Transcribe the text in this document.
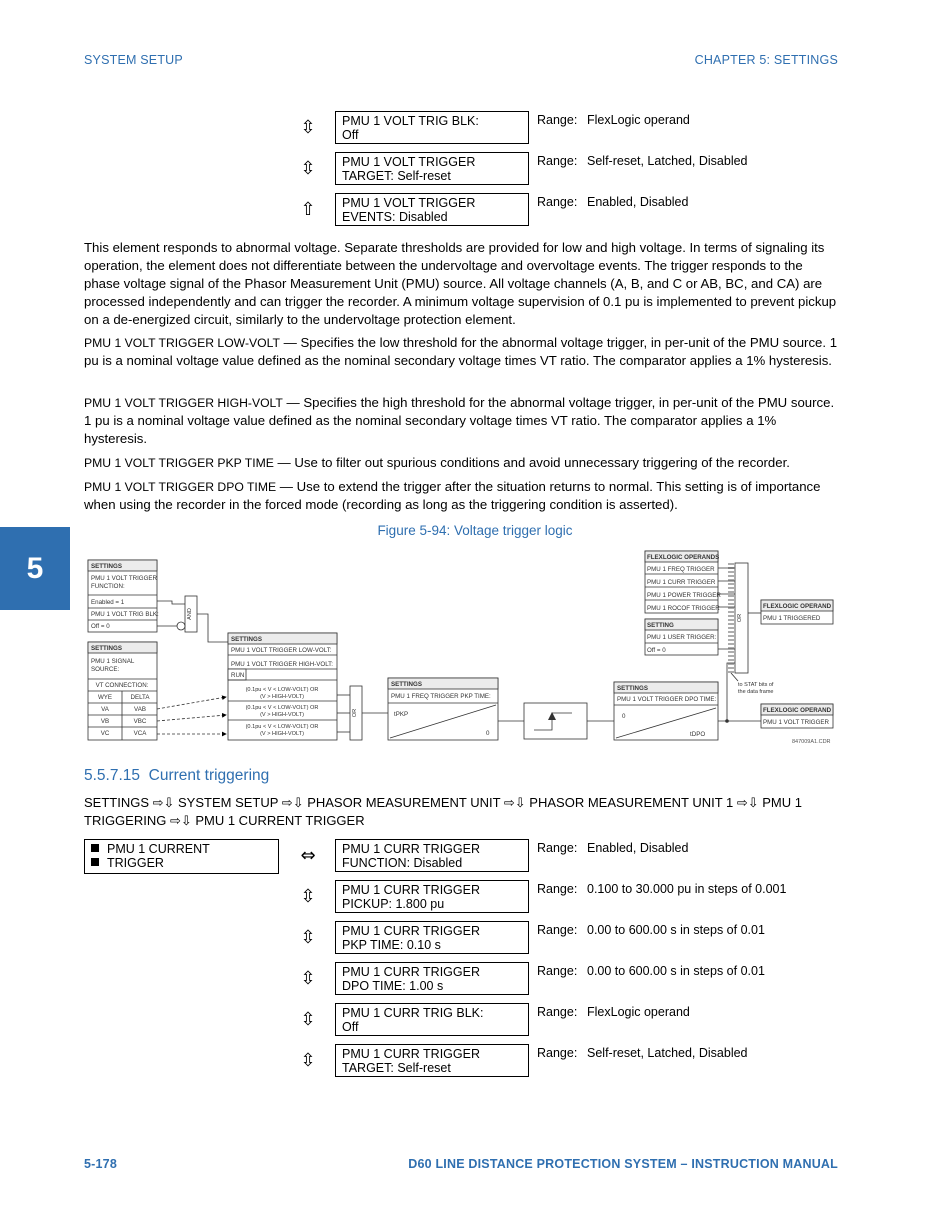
SYSTEM SETUP	CHAPTER 5: SETTINGS
⇳ PMU 1 VOLT TRIG BLK:
Off
Range: FlexLogic operand
⇳ PMU 1 VOLT TRIGGER
TARGET: Self-reset
Range: Self-reset, Latched, Disabled
⇧ PMU 1 VOLT TRIGGER
EVENTS: Disabled
Range: Enabled, Disabled
This element responds to abnormal voltage. Separate thresholds are provided for low and high voltage. In terms of signaling its operation, the element does not differentiate between the undervoltage and overvoltage events. The trigger responds to the phase voltage signal of the Phasor Measurement Unit (PMU) source. All voltage channels (A, B, and C or AB, BC, and CA) are processed independently and can trigger the recorder. A minimum voltage supervision of 0.1 pu is implemented to prevent pickup on a de-energized circuit, similarly to the undervoltage protection element.
PMU 1 VOLT TRIGGER LOW-VOLT — Specifies the low threshold for the abnormal voltage trigger, in per-unit of the PMU source. 1 pu is a nominal voltage value defined as the nominal secondary voltage times VT ratio. The comparator applies a 1% hysteresis.
PMU 1 VOLT TRIGGER HIGH-VOLT — Specifies the high threshold for the abnormal voltage trigger, in per-unit of the PMU source. 1 pu is a nominal voltage value defined as the nominal secondary voltage times VT ratio. The comparator applies a 1% hysteresis.
PMU 1 VOLT TRIGGER PKP TIME — Use to filter out spurious conditions and avoid unnecessary triggering of the recorder.
PMU 1 VOLT TRIGGER DPO TIME — Use to extend the trigger after the situation returns to normal. This setting is of importance when using the recorder in the forced mode (recording as long as the triggering condition is asserted).
5
Figure 5-94: Voltage trigger logic
SETTINGS
PMU 1 VOLT TRIGGER
FUNCTION:
Enabled = 1
PMU 1 VOLT TRIG BLK:
Off = 0
AND
SETTINGS
PMU 1 SIGNAL
SOURCE:
VT CONNECTION:
WYE	DELTA
VA	VAB
VB	VBC
VC	VCA
SETTINGS
PMU 1 VOLT TRIGGER LOW-VOLT:
PMU 1 VOLT TRIGGER HIGH-VOLT:
RUN
(0.1pu < V < LOW-VOLT) OR
(V > HIGH-VOLT)
(0.1pu < V < LOW-VOLT) OR
(V > HIGH-VOLT)
(0.1pu < V < LOW-VOLT) OR
(V > HIGH-VOLT)
OR
SETTINGS
PMU 1 FREQ TRIGGER PKP TIME:
tPKP
0
SETTINGS
PMU 1 VOLT TRIGGER DPO TIME:
0
tDPO
FLEXLOGIC OPERANDS
PMU 1 FREQ TRIGGER
PMU 1 CURR TRIGGER
PMU 1 POWER TRIGGER
PMU 1 ROCOF TRIGGER
SETTING
PMU 1 USER TRIGGER:
Off = 0
OR
to STAT bits of
the data frame
FLEXLOGIC OPERAND
PMU 1 TRIGGERED
FLEXLOGIC OPERAND
PMU 1 VOLT TRIGGER
847009A1.CDR
5.5.7.15 Current triggering
SETTINGS ⇨⇩ SYSTEM SETUP ⇨⇩ PHASOR MEASUREMENT UNIT ⇨⇩ PHASOR MEASUREMENT UNIT 1 ⇨⇩ PMU 1 TRIGGERING ⇨⇩ PMU 1 CURRENT TRIGGER
PMU 1 CURRENT
TRIGGER	⇔ PMU 1 CURR TRIGGER
FUNCTION: Disabled
Range: Enabled, Disabled
⇳ PMU 1 CURR TRIGGER
PICKUP: 1.800 pu
Range: 0.100 to 30.000 pu in steps of 0.001
⇳ PMU 1 CURR TRIGGER
PKP TIME: 0.10 s
Range: 0.00 to 600.00 s in steps of 0.01
⇳ PMU 1 CURR TRIGGER
DPO TIME: 1.00 s
Range: 0.00 to 600.00 s in steps of 0.01
⇳ PMU 1 CURR TRIG BLK:
Off
Range: FlexLogic operand
⇳ PMU 1 CURR TRIGGER
TARGET: Self-reset
Range: Self-reset, Latched, Disabled
5-178	D60 LINE DISTANCE PROTECTION SYSTEM – INSTRUCTION MANUAL
